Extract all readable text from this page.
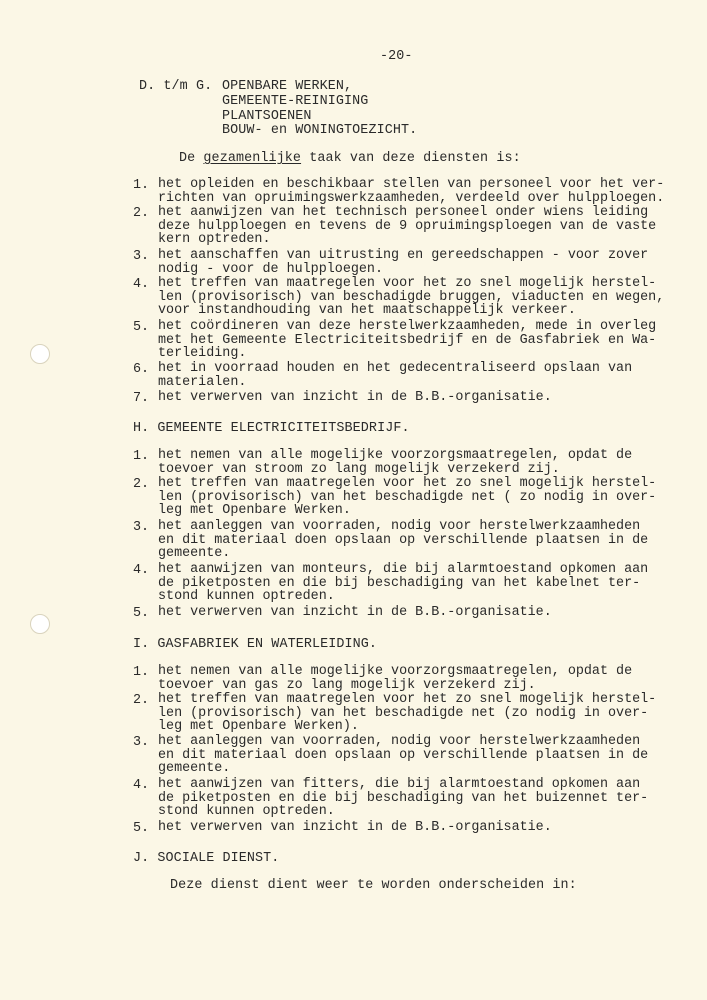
-20-
D. t/m G. OPENBARE WERKEN,
GEMEENTE-REINIGING
PLANTSOENEN
BOUW- en WONINGTOEZICHT.
De gezamenlijke taak van deze diensten is:
1. het opleiden en beschikbaar stellen van personeel voor het ver-
richten van opruimingswerkzaamheden, verdeeld over hulpploegen.
2. het aanwijzen van het technisch personeel onder wiens leiding
deze hulpploegen en tevens de 9 opruimingsploegen van de vaste
kern optreden.
3. het aanschaffen van uitrusting en gereedschappen - voor zover
nodig - voor de hulpploegen.
4. het treffen van maatregelen voor het zo snel mogelijk herstel-
len (provisorisch) van beschadigde bruggen, viaducten en wegen,
voor instandhouding van het maatschappelijk verkeer.
5. het coördineren van deze herstelwerkzaamheden, mede in overleg
met het Gemeente Electriciteitsbedrijf en de Gasfabriek en Wa-
terleiding.
6. het in voorraad houden en het gedecentraliseerd opslaan van
materialen.
7. het verwerven van inzicht in de B.B.-organisatie.
H. GEMEENTE ELECTRICITEITSBEDRIJF.
1. het nemen van alle mogelijke voorzorgsmaatregelen, opdat de
toevoer van stroom zo lang mogelijk verzekerd zij.
2. het treffen van maatregelen voor het zo snel mogelijk herstel-
len (provisorisch) van het beschadigde net ( zo nodig in over-
leg met Openbare Werken.
3. het aanleggen van voorraden, nodig voor herstelwerkzaamheden
en dit materiaal doen opslaan op verschillende plaatsen in de
gemeente.
4. het aanwijzen van monteurs, die bij alarmtoestand opkomen aan
de piketposten en die bij beschadiging van het kabelnet ter-
stond kunnen optreden.
5. het verwerven van inzicht in de B.B.-organisatie.
I. GASFABRIEK EN WATERLEIDING.
1. het nemen van alle mogelijke voorzorgsmaatregelen, opdat de
toevoer van gas zo lang mogelijk verzekerd zij.
2. het treffen van maatregelen voor het zo snel mogelijk herstel-
len (provisorisch) van het beschadigde net (zo nodig in over-
leg met Openbare Werken).
3. het aanleggen van voorraden, nodig voor herstelwerkzaamheden
en dit materiaal doen opslaan op verschillende plaatsen in de
gemeente.
4. het aanwijzen van fitters, die bij alarmtoestand opkomen aan
de piketposten en die bij beschadiging van het buizennet ter-
stond kunnen optreden.
5. het verwerven van inzicht in de B.B.-organisatie.
J. SOCIALE DIENST.
Deze dienst dient weer te worden onderscheiden in:
